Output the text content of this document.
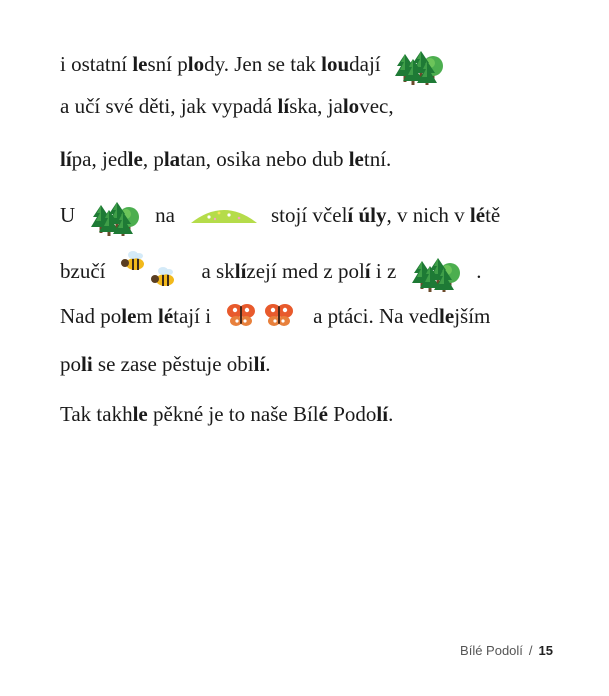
i ostatní le sní p lo dy. Jen se tak lou dají
a učí své děti, jak vypadá lí ska, ja lo vec,
lí pa, jed le , p la tan, osika nebo dub le tní.
U	na	stojí včel í
úly , v nich v lé tě
bzučí	a sk lí zejí med z pol í i z	.
Nad po le m lé tají i	a ptáci. Na ved le jším
po li se zase pěstuje obi lí .
Tak takh le pěkné je to naše Bíl é Podo lí .
Bílé Podolí / 15
